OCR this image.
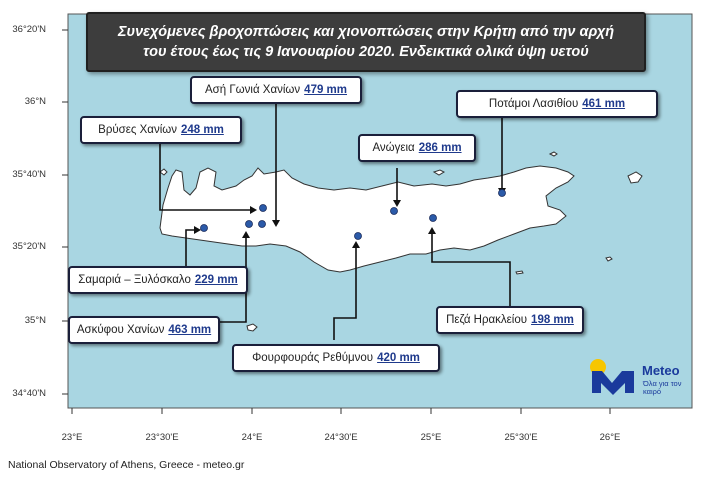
36°20'N
36°N
35°40'N
35°20'N
35°N
34°40'N
23°E	23°30'E	24°E	24°30'E	25°E	25°30'E	26°E
Συνεχόμενες βροχοπτώσεις και χιονοπτώσεις στην Κρήτη από την αρχή
του έτους έως τις 9 Ιανουαρίου 2020. Ενδεικτικά ολικά ύψη υετού
Ασή Γωνιά Χανίων 479 mm
Ποτάμοι Λασιθίου 461 mm
Βρύσες Χανίων 248 mm
Ανώγεια 286 mm
Σαμαριά – Ξυλόσκαλο 229 mm
Ασκύφου Χανίων 463 mm
Πεζά Ηρακλείου 198 mm
Φουρφουράς Ρεθύμνου 420 mm
Meteo
Όλα για τον καιρό
National Observatory of Athens, Greece - meteo.gr
